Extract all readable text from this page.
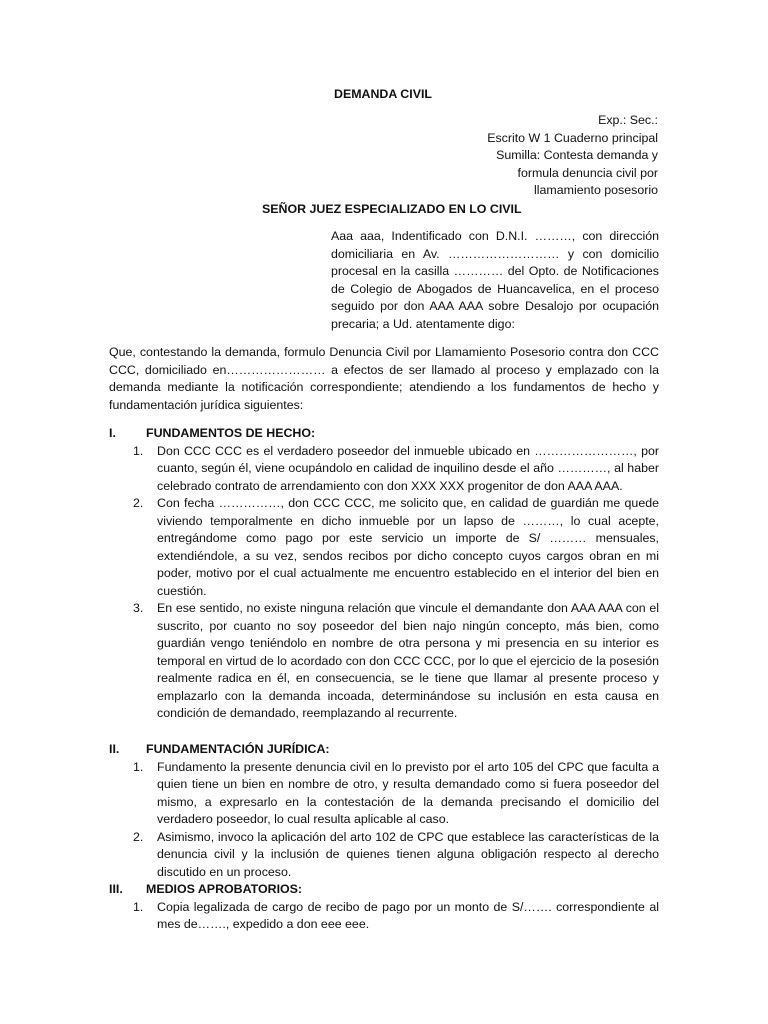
DEMANDA CIVIL
Exp.: Sec.:
Escrito W 1 Cuaderno principal
Sumilla: Contesta demanda y
formula denuncia civil por
llamamiento posesorio
SEÑOR JUEZ ESPECIALIZADO EN LO CIVIL
Aaa aaa, Indentificado con D.N.I. ………, con dirección domiciliaria en Av. ……………………… y con domicilio procesal en la casilla ………… del Opto. de Notificaciones de Colegio de Abogados de Huancavelica, en el proceso seguido por don AAA AAA sobre Desalojo por ocupación precaria; a Ud. atentamente digo:
Que, contestando la demanda, formulo Denuncia Civil por Llamamiento Posesorio contra don CCC CCC, domiciliado en…………………… a efectos de ser llamado al proceso y emplazado con la demanda mediante la notificación correspondiente; atendiendo a los fundamentos de hecho y fundamentación jurídica siguientes:
I. FUNDAMENTOS DE HECHO:
1. Don CCC CCC es el verdadero poseedor del inmueble ubicado en ……………………, por cuanto, según él, viene ocupándolo en calidad de inquilino desde el año …………, al haber celebrado contrato de arrendamiento con don XXX XXX progenitor de don AAA AAA.
2. Con fecha ……………, don CCC CCC, me solicito que, en calidad de guardián me quede viviendo temporalmente en dicho inmueble por un lapso de ………, lo cual acepte, entregándome como pago por este servicio un importe de S/ ……… mensuales, extendiéndole, a su vez, sendos recibos por dicho concepto cuyos cargos obran en mi poder, motivo por el cual actualmente me encuentro establecido en el interior del bien en cuestión.
3. En ese sentido, no existe ninguna relación que vincule el demandante don AAA AAA con el suscrito, por cuanto no soy poseedor del bien najo ningún concepto, más bien, como guardián vengo teniéndolo en nombre de otra persona y mi presencia en su interior es temporal en virtud de lo acordado con don CCC CCC, por lo que el ejercicio de la posesión realmente radica en él, en consecuencia, se le tiene que llamar al presente proceso y emplazarlo con la demanda incoada, determinándose su inclusión en esta causa en condición de demandado, reemplazando al recurrente.
II. FUNDAMENTACIÓN JURÍDICA:
1. Fundamento la presente denuncia civil en lo previsto por el arto 105 del CPC que faculta a quien tiene un bien en nombre de otro, y resulta demandado como si fuera poseedor del mismo, a expresarlo en la contestación de la demanda precisando el domicilio del verdadero poseedor, lo cual resulta aplicable al caso.
2. Asimismo, invoco la aplicación del arto 102 de CPC que establece las características de la denuncia civil y la inclusión de quienes tienen alguna obligación respecto al derecho discutido en un proceso.
III. MEDIOS APROBATORIOS:
1. Copia legalizada de cargo de recibo de pago por un monto de S/……. correspondiente al mes de……., expedido a don eee eee.
